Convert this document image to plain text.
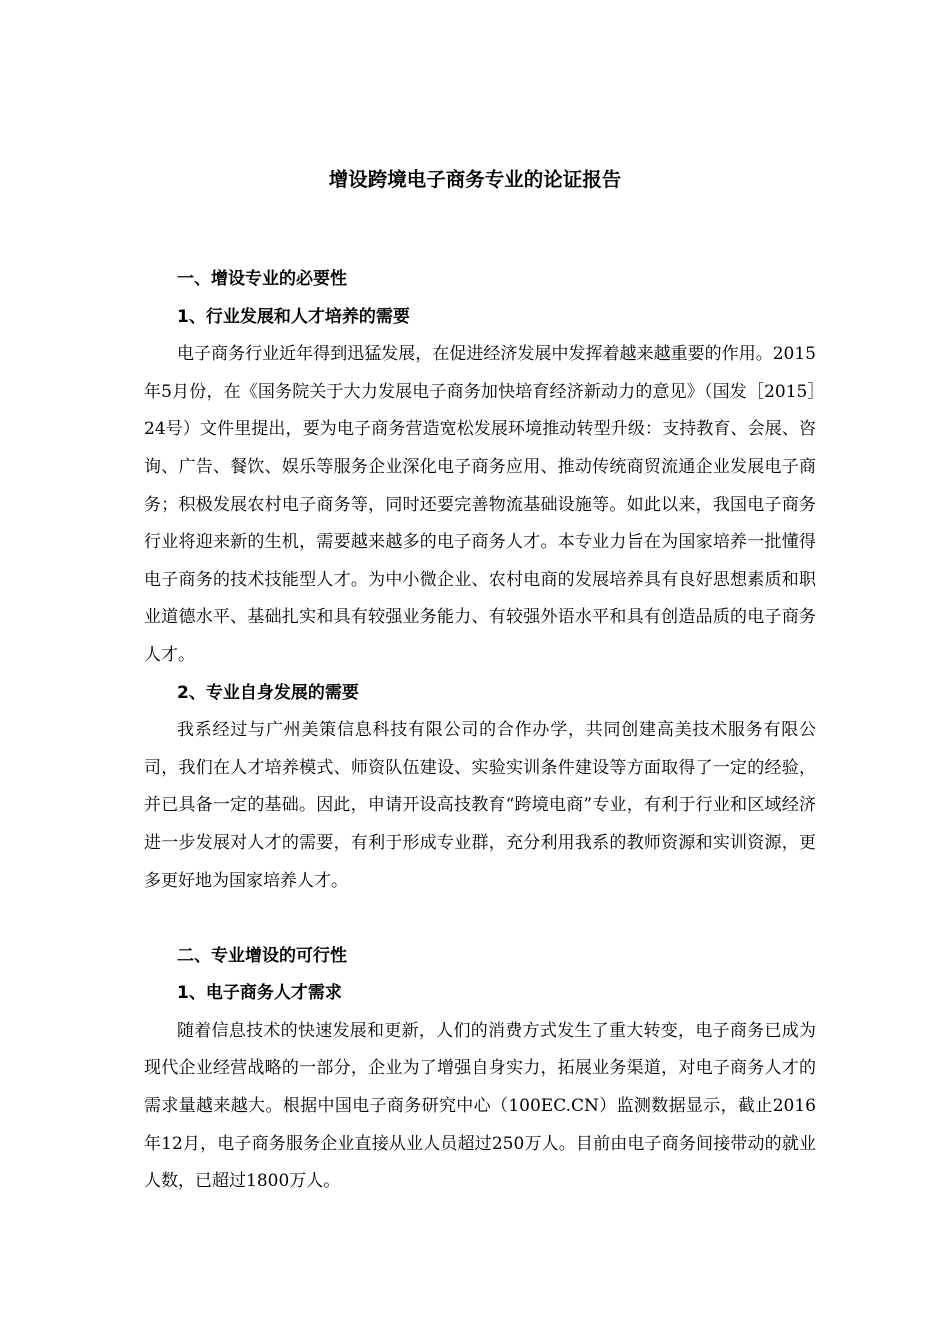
增设跨境电子商务专业的论证报告
一、增设专业的必要性
1、行业发展和人才培养的需要

电子商务行业近年得到迅猛发展，在促进经济发展中发挥着越来越重要的作用。2015年5月份，在《国务院关于大力发展电子商务加快培育经济新动力的意见》（国发［2015］24号）文件里提出，要为电子商务营造宽松发展环境推动转型升级：支持教育、会展、咨询、广告、餐饮、娱乐等服务企业深化电子商务应用、推动传统商贸流通企业发展电子商务；积极发展农村电子商务等，同时还要完善物流基础设施等。如此以来，我国电子商务行业将迎来新的生机，需要越来越多的电子商务人才。本专业力旨在为国家培养一批懂得电子商务的技术技能型人才。为中小微企业、农村电商的发展培养具有良好思想素质和职业道德水平、基础扎实和具有较强业务能力、有较强外语水平和具有创造品质的电子商务人才。

2、专业自身发展的需要

我系经过与广州美策信息科技有限公司的合作办学，共同创建高美技术服务有限公司，我们在人才培养模式、师资队伍建设、实验实训条件建设等方面取得了一定的经验，并已具备一定的基础。因此，申请开设高技教育“跨境电商”专业，有利于行业和区域经济进一步发展对人才的需要，有利于形成专业群，充分利用我系的教师资源和实训资源，更多更好地为国家培养人才。

二、专业增设的可行性
1、电子商务人才需求

随着信息技术的快速发展和更新，人们的消费方式发生了重大转变，电子商务已成为现代企业经营战略的一部分，企业为了增强自身实力，拓展业务渠道，对电子商务人才的需求量越来越大。根据中国电子商务研究中心（100EC.CN）监测数据显示，截止2016年12月，电子商务服务企业直接从业人员超过250万人。目前由电子商务间接带动的就业人数，已超过1800万人。
